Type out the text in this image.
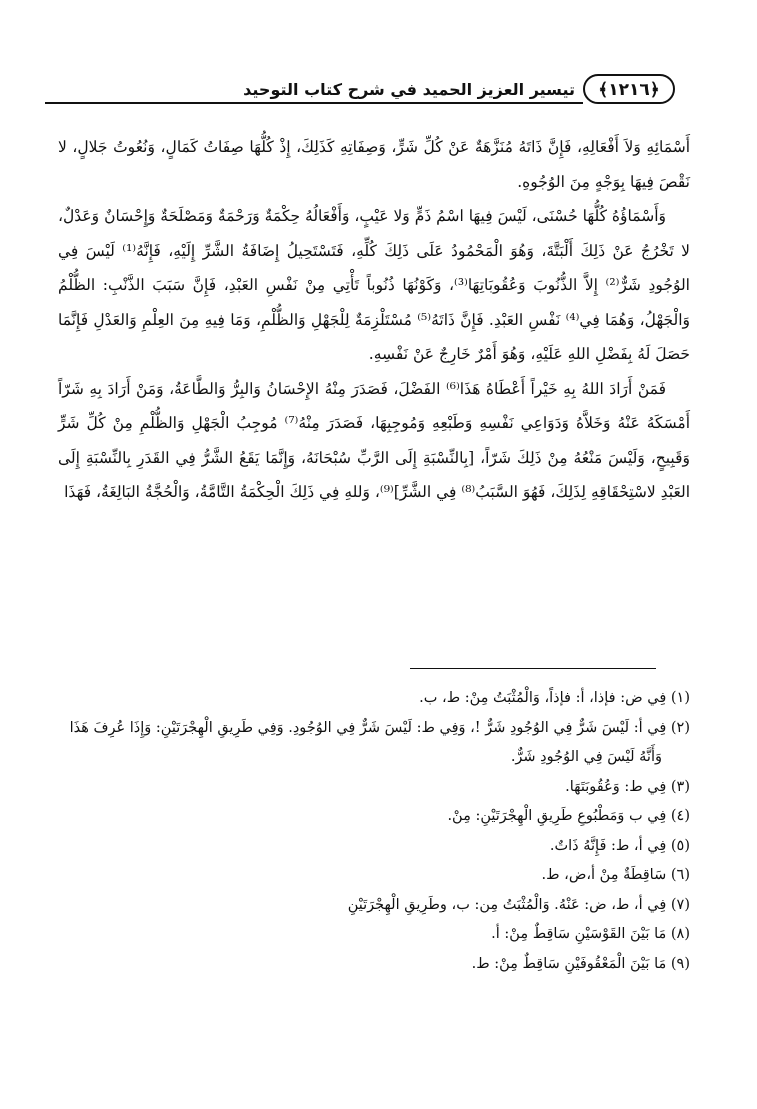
﴿١٢١٦﴾
تيسير العزيز الحميد في شرح كتاب التوحيد

أَسْمَائِهِ وَلاَ أَفْعَالِهِ، فَإِنَّ ذَاتَهُ مُنَزَّهَةٌ عَنْ كُلِّ شَرٍّ، وَصِفَاتِهِ كَذَلِكَ، إِذْ كُلُّهَا صِفَاتُ كَمَالٍ، وَنُعُوتُ جَلالٍ، لا نَقْصَ فِيهَا بِوَجْهٍ مِنَ الوُجُوهِ.

وَأَسْمَاؤُهُ كُلُّهَا حُسْنَى، لَيْسَ فِيهَا اسْمُ ذَمٍّ وَلا عَيْبٍ، وَأَفْعَالُهُ حِكْمَةٌ وَرَحْمَةٌ وَمَصْلَحَةٌ وَإِحْسَانٌ وَعَدْلٌ، لا تَخْرُجُ عَنْ ذَلِكَ أَلْبَتَّةَ، وَهُوَ الْمَحْمُودُ عَلَى ذَلِكَ كُلِّهِ، فَتَسْتَحِيلُ إِضَافَةُ الشَّرِّ إِلَيْهِ، فَإِنَّهُ⁽¹⁾ لَيْسَ فِي الوُجُودِ شَرٌّ⁽²⁾ إِلاَّ الذُّنُوبَ وَعُقُوبَاتِهَا⁽³⁾، وَكَوْنُهَا ذُنُوباً تَأْتِي مِنْ نَفْسِ العَبْدِ، فَإِنَّ سَبَبَ الذَّنْبِ: الظُّلْمُ وَالْجَهْلُ، وَهُمَا فِي⁽⁴⁾ نَفْسِ العَبْدِ. فَإِنَّ ذَاتَهُ⁽⁵⁾ مُسْتَلْزِمَةٌ لِلْجَهْلِ وَالظُّلْمِ، وَمَا فِيهِ مِنَ العِلْمِ وَالعَدْلِ فَإِنَّمَا حَصَلَ لَهُ بِفَضْلِ اللهِ عَلَيْهِ، وَهُوَ أَمْرٌ خَارِجٌ عَنْ نَفْسِهِ.

فَمَنْ أَرَادَ اللهُ بِهِ خَيْراً أَعْطَاهُ هَذَا⁽⁶⁾ الفَضْلَ، فَصَدَرَ مِنْهُ الإِحْسَانُ وَالبِرُّ وَالطَّاعَةُ، وَمَنْ أَرَادَ بِهِ شَرّاً أَمْسَكَهُ عَنْهُ وَخَلاَّهُ وَدَوَاعِي نَفْسِهِ وَطَبْعِهِ وَمُوجِبِهَا، فَصَدَرَ مِنْهُ⁽⁷⁾ مُوجِبُ الْجَهْلِ وَالظُّلْمِ مِنْ كُلِّ شَرٍّ وَقَبِيحٍ، وَلَيْسَ مَنْعُهُ مِنْ ذَلِكَ شَرّاً، [بِالنِّسْبَةِ إِلَى الرَّبِّ سُبْحَانَهُ، وَإِنَّمَا يَقَعُ الشَّرُّ فِي القَدَرِ بِالنِّسْبَةِ إِلَى العَبْدِ لاسْتِحْقَاقِهِ لِذَلِكَ، فَهُوَ السَّبَبُ⁽⁸⁾ فِي الشَّرِّ]⁽⁹⁾، وَللهِ فِي ذَلِكَ الْحِكْمَةُ التَّامَّةُ، وَالْحُجَّةُ البَالِغَةُ، فَهَذَا

(١) فِي ض: فإذا، أ: فإذاً، وَالْمُثْبَتُ مِنْ: ط، ب.

(٢) فِي أ: لَيْسَ شَرٌّ فِي الوُجُودِ شَرٌّ !، وَفِي ط: لَيْسَ شَرٌّ فِي الوُجُودِ. وَفِي طَرِيقِ الْهِجْرَتَيْنِ: وَإِذَا عُرِفَ هَذَا وَأَنَّهُ لَيْسَ فِي الوُجُودِ شَرٌّ.

(٣) فِي ط: وَعُقُوبَتَهَا.

(٤) فِي ب وَمَطْبُوعِ طَرِيقِ الْهِجْرَتَيْنِ: مِنْ.

(٥) فِي أ، ط: فَإِنَّهُ ذَاتٌ.

(٦) سَاقِطَةٌ مِنْ أ،ض، ط.

(٧) فِي أ، ط، ض: عَنْهُ. وَالْمُثْبَتُ مِن: ب، وطَرِيقِ الْهِجْرَتَيْنِ

(٨) مَا بَيْنَ القَوْسَيْنِ سَاقِطٌ مِنْ: أ.

(٩) مَا بَيْنَ الْمَعْقُوفَيْنِ سَاقِطٌ مِنْ: ط.
